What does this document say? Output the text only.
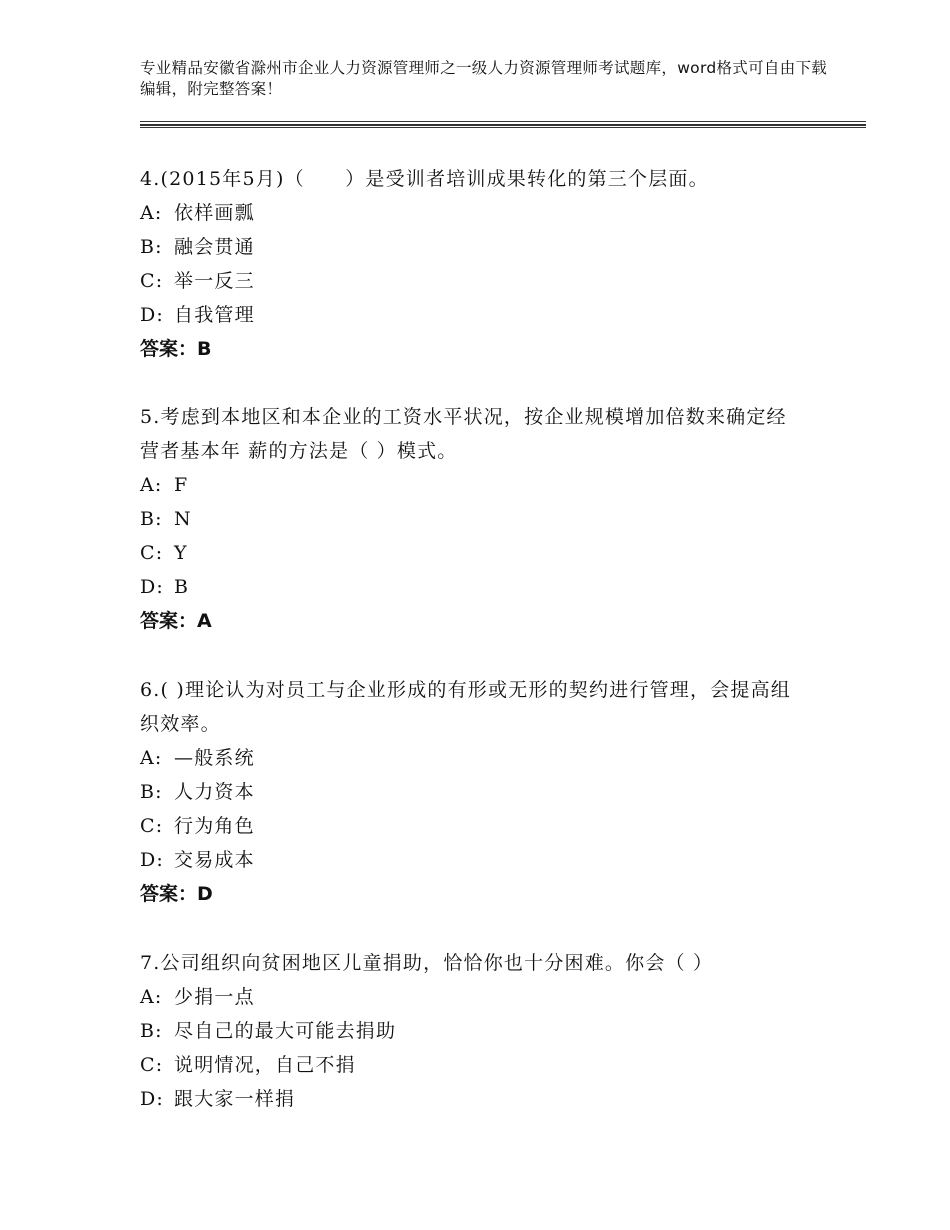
专业精品安徽省滁州市企业人力资源管理师之一级人力资源管理师考试题库，word格式可自由下载编辑，附完整答案！

4.(2015年5月)（　　）是受训者培训成果转化的第三个层面。

A: 依样画瓢

B: 融会贯通

C: 举一反三

D: 自我管理

答案：B

5.考虑到本地区和本企业的工资水平状况，按企业规模增加倍数来确定经营者基本年 薪的方法是（ ）模式。

A: F

B: N

C: Y

D: B

答案：A

6.( )理论认为对员工与企业形成的有形或无形的契约进行管理，会提高组织效率。

A: —般系统

B: 人力资本

C: 行为角色

D: 交易成本

答案：D

7.公司组织向贫困地区儿童捐助，恰恰你也十分困难。你会（ ）

A: 少捐一点

B: 尽自己的最大可能去捐助

C: 说明情况，自己不捐

D: 跟大家一样捐
